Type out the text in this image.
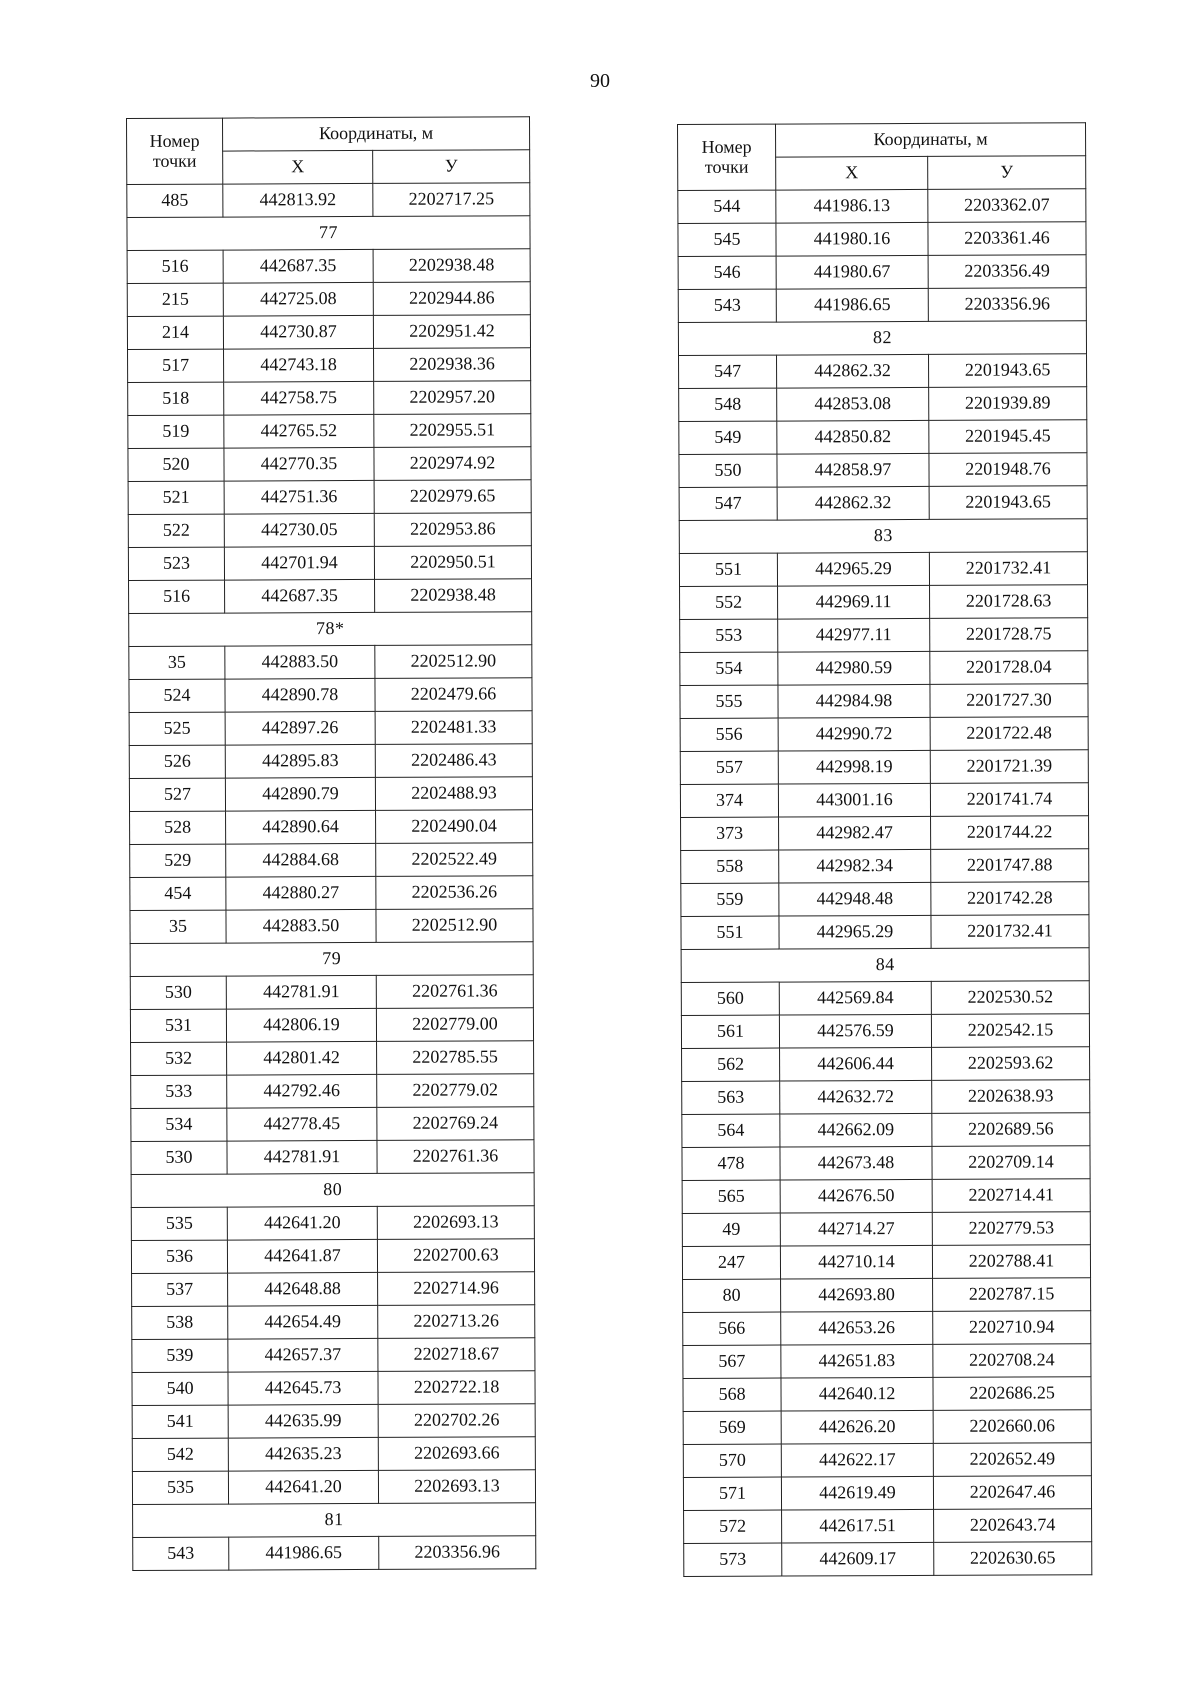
90
Номер точки	Координаты, м	
	X	У
485	442813.92	2202717.25
77		
516	442687.35	2202938.48
215	442725.08	2202944.86
214	442730.87	2202951.42
517	442743.18	2202938.36
518	442758.75	2202957.20
519	442765.52	2202955.51
520	442770.35	2202974.92
521	442751.36	2202979.65
522	442730.05	2202953.86
523	442701.94	2202950.51
516	442687.35	2202938.48
78*		
35	442883.50	2202512.90
524	442890.78	2202479.66
525	442897.26	2202481.33
526	442895.83	2202486.43
527	442890.79	2202488.93
528	442890.64	2202490.04
529	442884.68	2202522.49
454	442880.27	2202536.26
35	442883.50	2202512.90
79		
530	442781.91	2202761.36
531	442806.19	2202779.00
532	442801.42	2202785.55
533	442792.46	2202779.02
534	442778.45	2202769.24
530	442781.91	2202761.36
80		
535	442641.20	2202693.13
536	442641.87	2202700.63
537	442648.88	2202714.96
538	442654.49	2202713.26
539	442657.37	2202718.67
540	442645.73	2202722.18
541	442635.99	2202702.26
542	442635.23	2202693.66
535	442641.20	2202693.13
81		
543	441986.65	2203356.96
Номер точки	Координаты, м	
	X	У
544	441986.13	2203362.07
545	441980.16	2203361.46
546	441980.67	2203356.49
543	441986.65	2203356.96
82		
547	442862.32	2201943.65
548	442853.08	2201939.89
549	442850.82	2201945.45
550	442858.97	2201948.76
547	442862.32	2201943.65
83		
551	442965.29	2201732.41
552	442969.11	2201728.63
553	442977.11	2201728.75
554	442980.59	2201728.04
555	442984.98	2201727.30
556	442990.72	2201722.48
557	442998.19	2201721.39
374	443001.16	2201741.74
373	442982.47	2201744.22
558	442982.34	2201747.88
559	442948.48	2201742.28
551	442965.29	2201732.41
84		
560	442569.84	2202530.52
561	442576.59	2202542.15
562	442606.44	2202593.62
563	442632.72	2202638.93
564	442662.09	2202689.56
478	442673.48	2202709.14
565	442676.50	2202714.41
49	442714.27	2202779.53
247	442710.14	2202788.41
80	442693.80	2202787.15
566	442653.26	2202710.94
567	442651.83	2202708.24
568	442640.12	2202686.25
569	442626.20	2202660.06
570	442622.17	2202652.49
571	442619.49	2202647.46
572	442617.51	2202643.74
573	442609.17	2202630.65
